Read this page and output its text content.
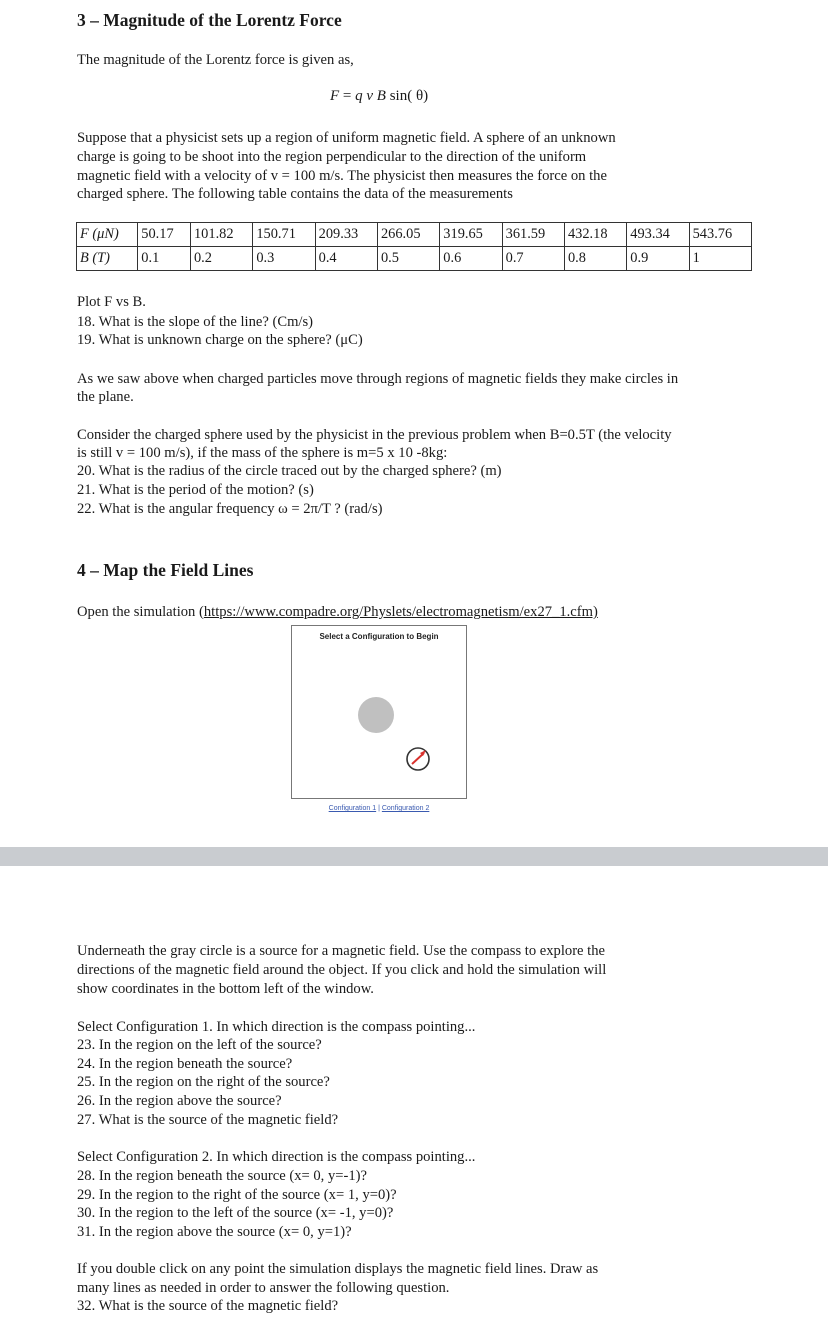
3 – Magnitude of the Lorentz Force
The magnitude of the Lorentz force is given as,
F = q v B sin( θ)
Suppose that a physicist sets up a region of uniform magnetic field. A sphere of an unknown
charge is going to be shoot into the region perpendicular to the direction of the uniform
magnetic field with a velocity of v = 100 m/s. The physicist then measures the force on the
charged sphere. The following table contains the data of the measurements
F (μN)	50.17	101.82	150.71	209.33	266.05	319.65	361.59	432.18	493.34	543.76
B (T)	0.1	0.2	0.3	0.4	0.5	0.6	0.7	0.8	0.9	1
Plot F vs B.
18. What is the slope of the line? (Cm/s)
19. What is unknown charge on the sphere? (μC)
As we saw above when charged particles move through regions of magnetic fields they make circles in
the plane.
Consider the charged sphere used by the physicist in the previous problem when B=0.5T (the velocity
is still v = 100 m/s), if the mass of the sphere is m=5 x 10 -8kg:
20. What is the radius of the circle traced out by the charged sphere? (m)
21. What is the period of the motion? (s)
22. What is the angular frequency ω = 2π/T ? (rad/s)
4 – Map the Field Lines
Open the simulation (https://www.compadre.org/Physlets/electromagnetism/ex27_1.cfm)
Select a Configuration to Begin
Configuration 1 | Configuration 2
Underneath the gray circle is a source for a magnetic field. Use the compass to explore the
directions of the magnetic field around the object. If you click and hold the simulation will
show coordinates in the bottom left of the window.
Select Configuration 1. In which direction is the compass pointing...
23. In the region on the left of the source?
24. In the region beneath the source?
25. In the region on the right of the source?
26. In the region above the source?
27. What is the source of the magnetic field?
Select Configuration 2. In which direction is the compass pointing...
28. In the region beneath the source (x= 0, y=-1)?
29. In the region to the right of the source (x= 1, y=0)?
30. In the region to the left of the source (x= -1, y=0)?
31. In the region above the source (x= 0, y=1)?
If you double click on any point the simulation displays the magnetic field lines. Draw as
many lines as needed in order to answer the following question.
32. What is the source of the magnetic field?
